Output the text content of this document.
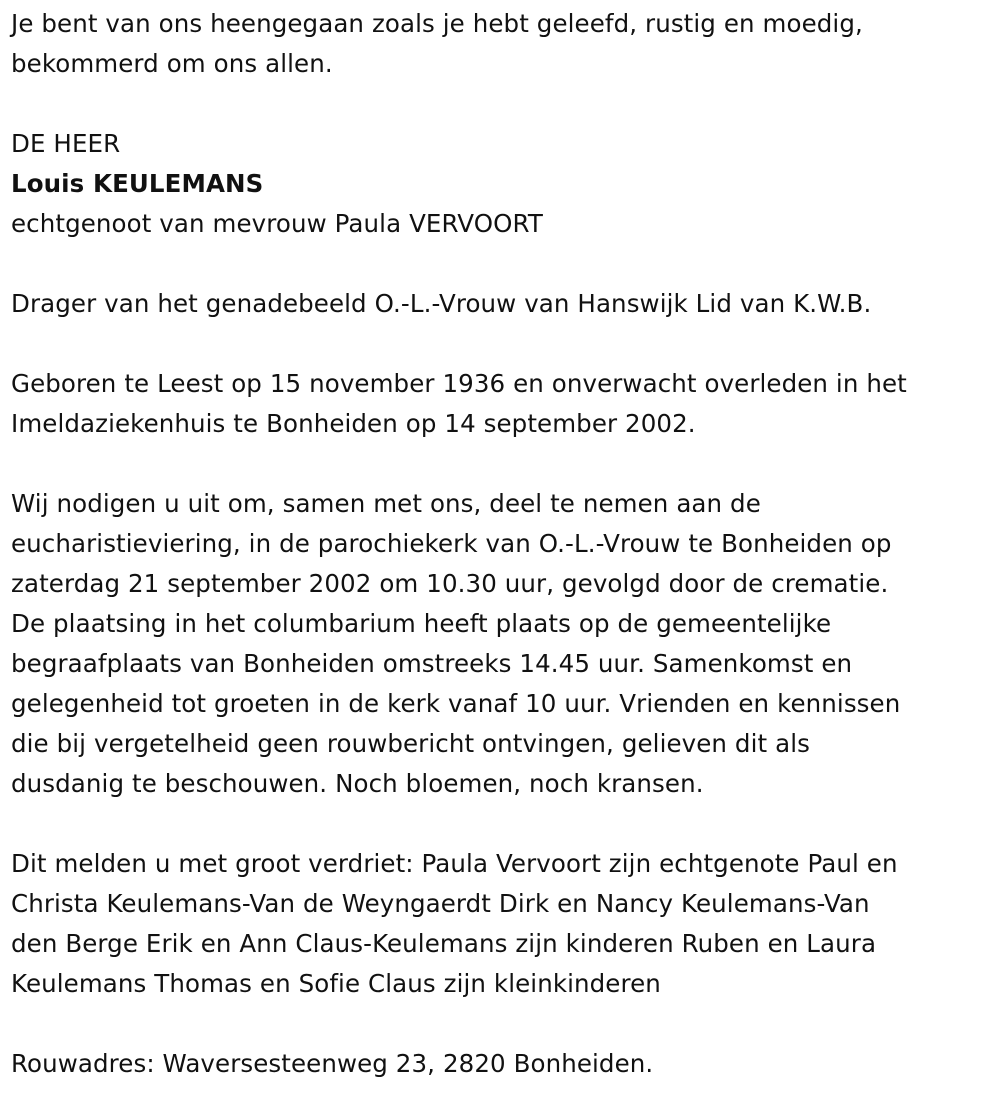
Je bent van ons heengegaan zoals je hebt geleefd, rustig en moedig,
bekommerd om ons allen.

DE HEER

Louis KEULEMANS

echtgenoot van mevrouw Paula VERVOORT

Drager van het genadebeeld O.-L.-Vrouw van Hanswijk Lid van K.W.B.

Geboren te Leest op 15 november 1936 en onverwacht overleden in het
Imeldaziekenhuis te Bonheiden op 14 september 2002.

Wij nodigen u uit om, samen met ons, deel te nemen aan de
eucharistieviering, in de parochiekerk van O.-L.-Vrouw te Bonheiden op
zaterdag 21 september 2002 om 10.30 uur, gevolgd door de crematie.
De plaatsing in het columbarium heeft plaats op de gemeentelijke
begraafplaats van Bonheiden omstreeks 14.45 uur. Samenkomst en
gelegenheid tot groeten in de kerk vanaf 10 uur. Vrienden en kennissen
die bij vergetelheid geen rouwbericht ontvingen, gelieven dit als
dusdanig te beschouwen. Noch bloemen, noch kransen.

Dit melden u met groot verdriet: Paula Vervoort zijn echtgenote Paul en
Christa Keulemans-Van de Weyngaerdt Dirk en Nancy Keulemans-Van
den Berge Erik en Ann Claus-Keulemans zijn kinderen Ruben en Laura
Keulemans Thomas en Sofie Claus zijn kleinkinderen

Rouwadres: Waversesteenweg 23, 2820 Bonheiden.
